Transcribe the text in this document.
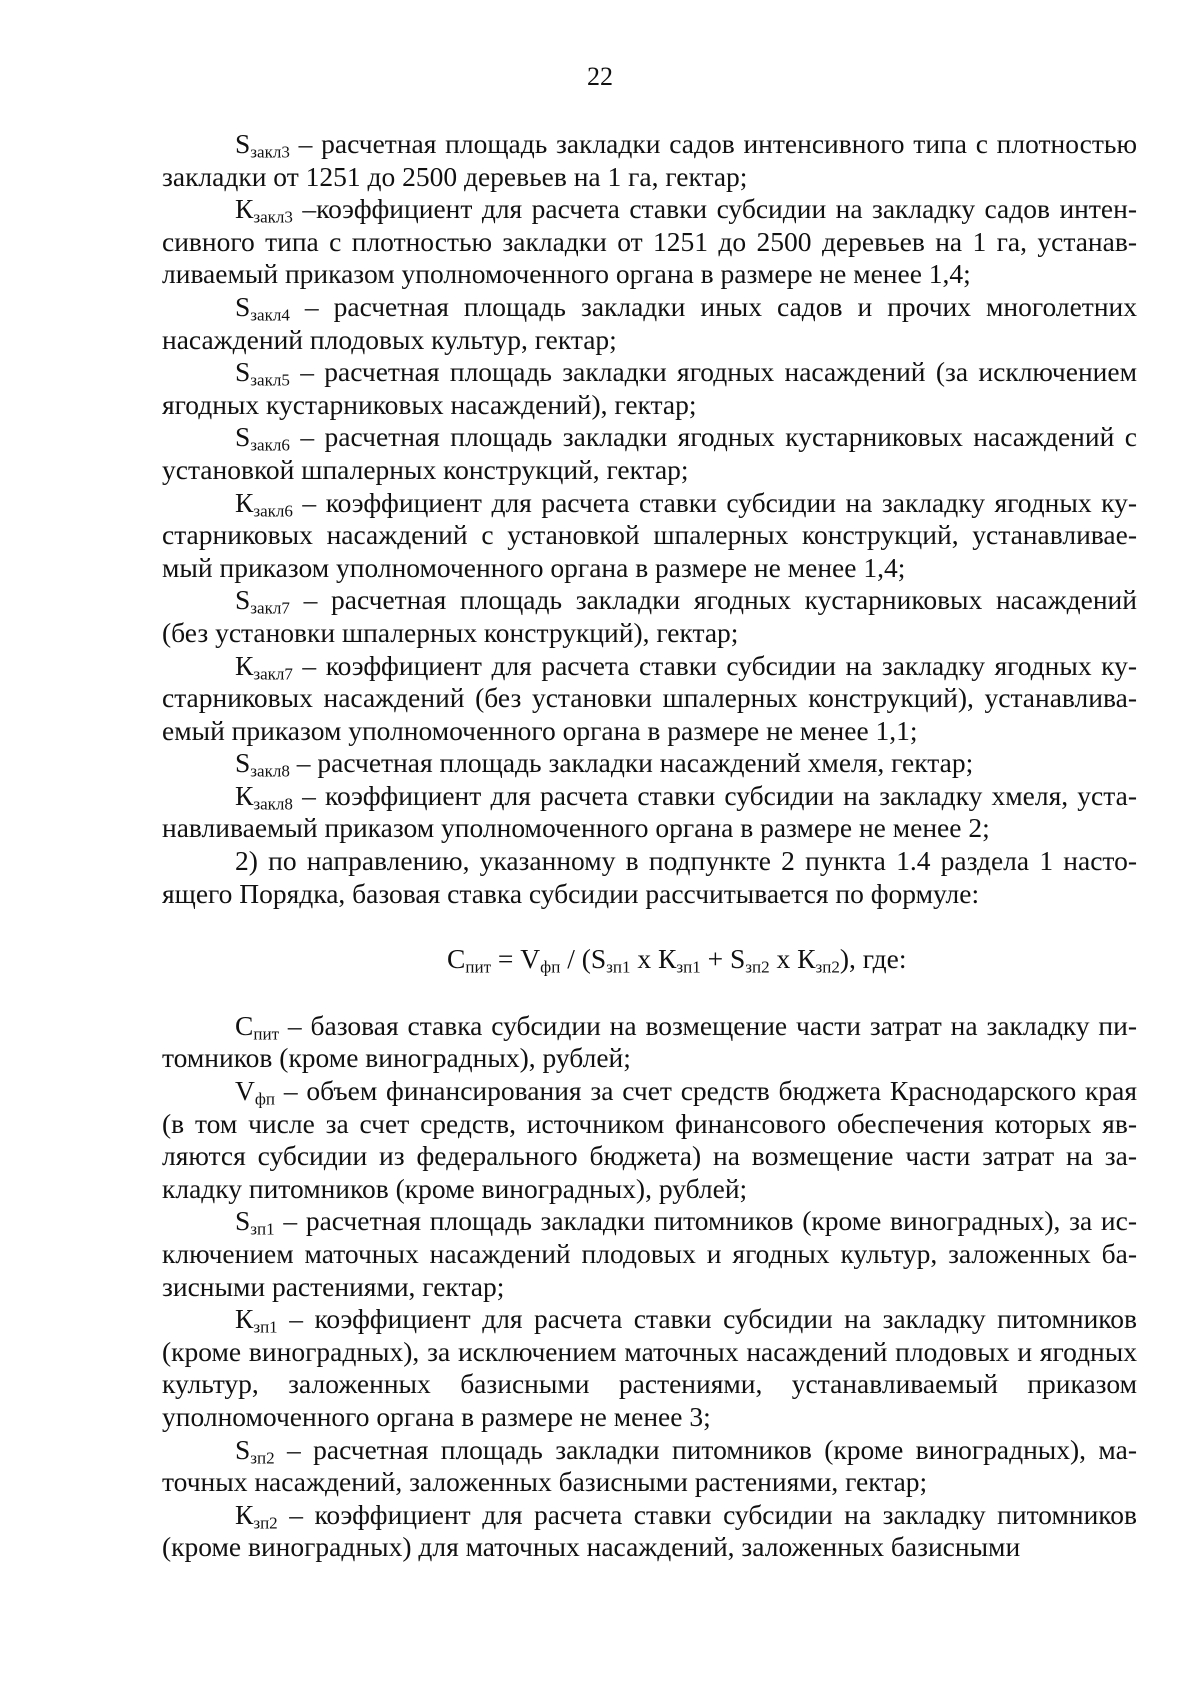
22

$S_{закл3}$ – расчетная площадь закладки садов интенсивного типа с плотностью закладки от 1251 до 2500 деревьев на 1 га, гектар;

$К_{закл3}$ –коэффициент для расчета ставки субсидии на закладку садов интенсивного типа с плотностью закладки от 1251 до 2500 деревьев на 1 га, устанавливаемый приказом уполномоченного органа в размере не менее 1,4;

$S_{закл4}$ – расчетная площадь закладки иных садов и прочих многолетних насаждений плодовых культур, гектар;

$S_{закл5}$ – расчетная площадь закладки ягодных насаждений (за исключением ягодных кустарниковых насаждений), гектар;

$S_{закл6}$ – расчетная площадь закладки ягодных кустарниковых насаждений с установкой шпалерных конструкций, гектар;

$К_{закл6}$ – коэффициент для расчета ставки субсидии на закладку ягодных кустарниковых насаждений с установкой шпалерных конструкций, устанавливаемый приказом уполномоченного органа в размере не менее 1,4;

$S_{закл7}$ – расчетная площадь закладки ягодных кустарниковых насаждений (без установки шпалерных конструкций), гектар;

$К_{закл7}$ – коэффициент для расчета ставки субсидии на закладку ягодных кустарниковых насаждений (без установки шпалерных конструкций), устанавливаемый приказом уполномоченного органа в размере не менее 1,1;

$S_{закл8}$ – расчетная площадь закладки насаждений хмеля, гектар;

$К_{закл8}$ – коэффициент для расчета ставки субсидии на закладку хмеля, устанавливаемый приказом уполномоченного органа в размере не менее 2;

2) по направлению, указанному в подпункте 2 пункта 1.4 раздела 1 настоящего Порядка, базовая ставка субсидии рассчитывается по формуле:

$С_{пит} = V_{фп} / (S_{зп1}$ х $К_{зп1} + S_{зп2}$ х $К_{зп2}$), где:

$С_{пит}$ – базовая ставка субсидии на возмещение части затрат на закладку питомников (кроме виноградных), рублей;

$V_{фп}$ – объем финансирования за счет средств бюджета Краснодарского края (в том числе за счет средств, источником финансового обеспечения которых являются субсидии из федерального бюджета) на возмещение части затрат на закладку питомников (кроме виноградных), рублей;

$S_{зп1}$ – расчетная площадь закладки питомников (кроме виноградных), за исключением маточных насаждений плодовых и ягодных культур, заложенных базисными растениями, гектар;

$К_{зп1}$ – коэффициент для расчета ставки субсидии на закладку питомников (кроме виноградных), за исключением маточных насаждений плодовых и ягодных культур, заложенных базисными растениями, устанавливаемый приказом уполномоченного органа в размере не менее 3;

$S_{зп2}$ – расчетная площадь закладки питомников (кроме виноградных), маточных насаждений, заложенных базисными растениями, гектар;

$К_{зп2}$ – коэффициент для расчета ставки субсидии на закладку питомников (кроме виноградных) для маточных насаждений, заложенных базисными
